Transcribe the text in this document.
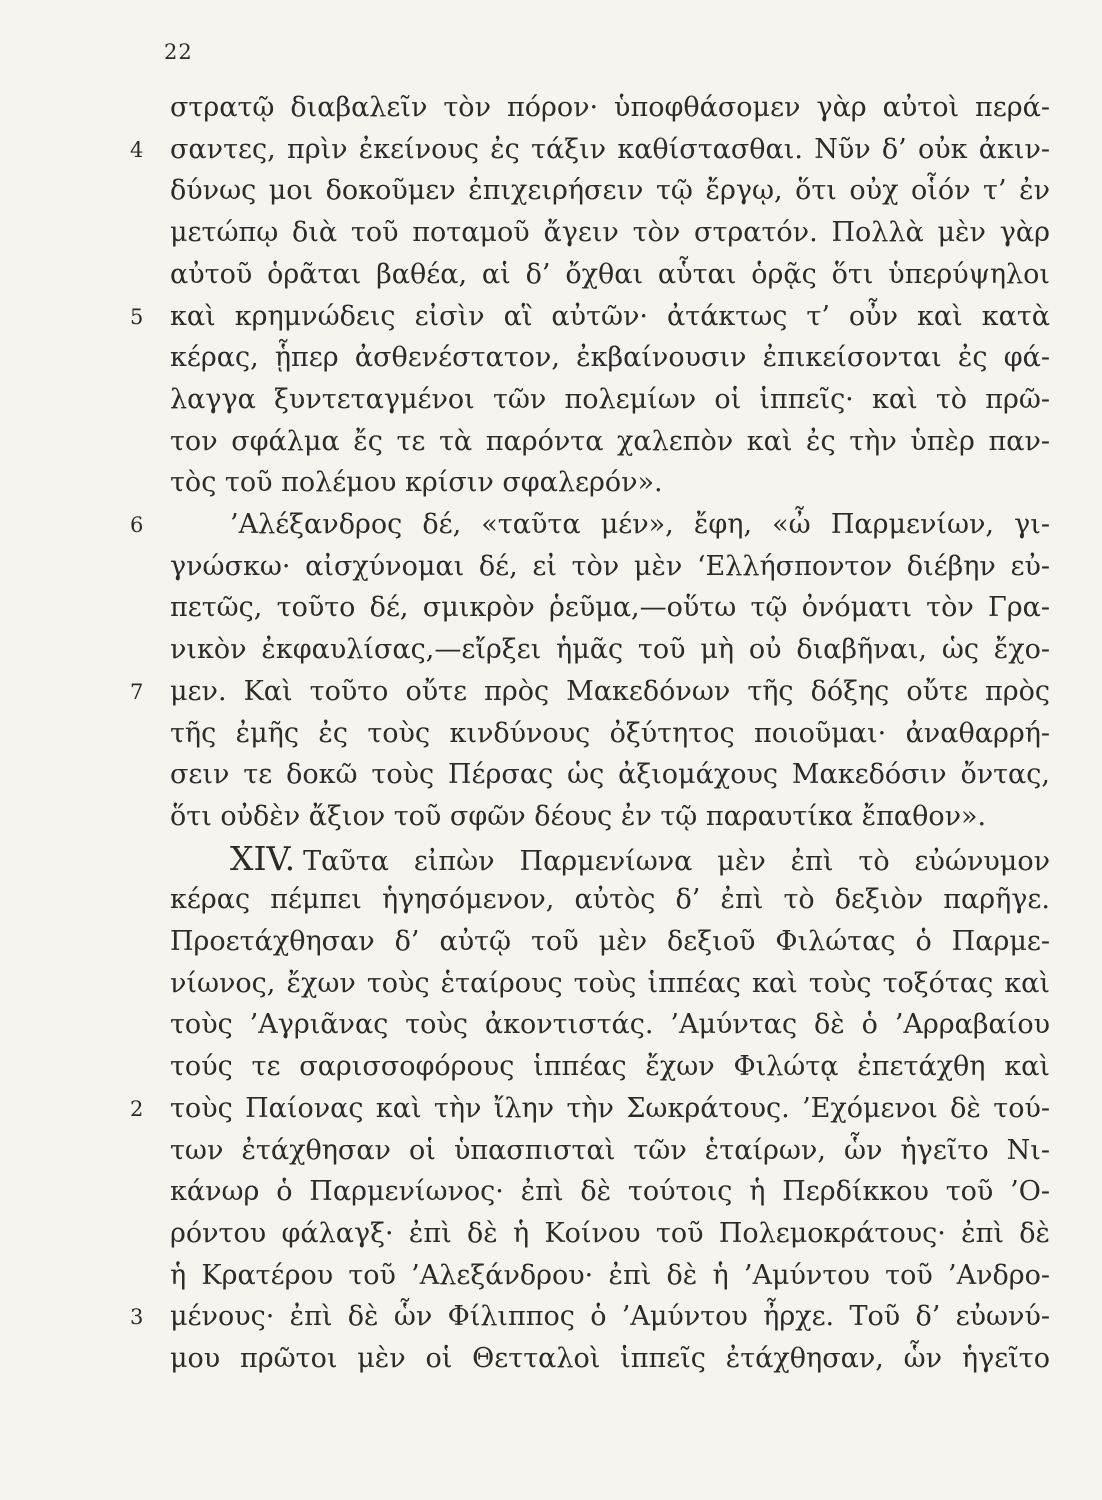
22
στρατῷ διαβαλεῖν τὸν πόρον· ὑποφθάσομεν γὰρ αὐτοὶ περά-
4 σαντες, πρὶν ἐκείνους ἐς τάξιν καθίστασθαι. Νῦν δ’ οὐκ ἀκιν-
δύνως μοι δοκοῦμεν ἐπιχειρήσειν τῷ ἔργῳ, ὅτι οὐχ οἷόν τ’ ἐν
μετώπῳ διὰ τοῦ ποταμοῦ ἄγειν τὸν στρατόν. Πολλὰ μὲν γὰρ
αὐτοῦ ὁρᾶται βαθέα, αἱ δ’ ὄχθαι αὗται ὁρᾷς ὅτι ὑπερύψηλοι
5 καὶ κρημνώδεις εἰσὶν αἳ αὐτῶν· ἀτάκτως τ’ οὖν καὶ κατὰ
κέρας, ᾗπερ ἀσθενέστατον, ἐκβαίνουσιν ἐπικείσονται ἐς φά-
λαγγα ξυντεταγμένοι τῶν πολεμίων οἱ ἱππεῖς· καὶ τὸ πρῶ-
τον σφάλμα ἔς τε τὰ παρόντα χαλεπὸν καὶ ἐς τὴν ὑπὲρ παν-
τὸς τοῦ πολέμου κρίσιν σφαλερόν».
6	’Αλέξανδρος δέ, «ταῦτα μέν», ἔφη, «ὦ Παρμενίων, γι-
γνώσκω· αἰσχύνομαι δέ, εἰ τὸν μὲν ‘Ελλήσποντον διέβην εὐ-
πετῶς, τοῦτο δέ, σμικρὸν ῥεῦμα,—οὕτω τῷ ὀνόματι τὸν Γρα-
νικὸν ἐκφαυλίσας,—εἴρξει ἡμᾶς τοῦ μὴ οὐ διαβῆναι, ὡς ἔχο-
7 μεν. Καὶ τοῦτο οὔτε πρὸς Μακεδόνων τῆς δόξης οὔτε πρὸς
τῆς ἐμῆς ἐς τοὺς κινδύνους ὀξύτητος ποιοῦμαι· ἀναθαρρή-
σειν τε δοκῶ τοὺς Πέρσας ὡς ἀξιομάχους Μακεδόσιν ὄντας,
ὅτι οὐδὲν ἄξιον τοῦ σφῶν δέους ἐν τῷ παραυτίκα ἔπαθον».
XIV. Ταῦτα εἰπὼν Παρμενίωνα μὲν ἐπὶ τὸ εὐώνυμον
κέρας πέμπει ἡγησόμενον, αὐτὸς δ’ ἐπὶ τὸ δεξιὸν παρῆγε.
Προετάχθησαν δ’ αὐτῷ τοῦ μὲν δεξιοῦ Φιλώτας ὁ Παρμε-
νίωνος, ἔχων τοὺς ἑταίρους τοὺς ἱππέας καὶ τοὺς τοξότας καὶ
τοὺς ’Αγριᾶνας τοὺς ἀκοντιστάς. ’Αμύντας δὲ ὁ ’Αρραβαίου
τούς τε σαρισσοφόρους ἱππέας ἔχων Φιλώτᾳ ἐπετάχθη καὶ
2 τοὺς Παίονας καὶ τὴν ἴλην τὴν Σωκράτους. ’Εχόμενοι δὲ τού-
των ἐτάχθησαν οἱ ὑπασπισταὶ τῶν ἑταίρων, ὧν ἡγεῖτο Νι-
κάνωρ ὁ Παρμενίωνος· ἐπὶ δὲ τούτοις ἡ Περδίκκου τοῦ ’Ο-
ρόντου φάλαγξ· ἐπὶ δὲ ἡ Κοίνου τοῦ Πολεμοκράτους· ἐπὶ δὲ
ἡ Κρατέρου τοῦ ’Αλεξάνδρου· ἐπὶ δὲ ἡ ’Αμύντου τοῦ ’Ανδρο-
3 μένους· ἐπὶ δὲ ὧν Φίλιππος ὁ ’Αμύντου ἦρχε. Τοῦ δ’ εὐωνύ-
μου πρῶτοι μὲν οἱ Θετταλοὶ ἱππεῖς ἐτάχθησαν, ὧν ἡγεῖτο
